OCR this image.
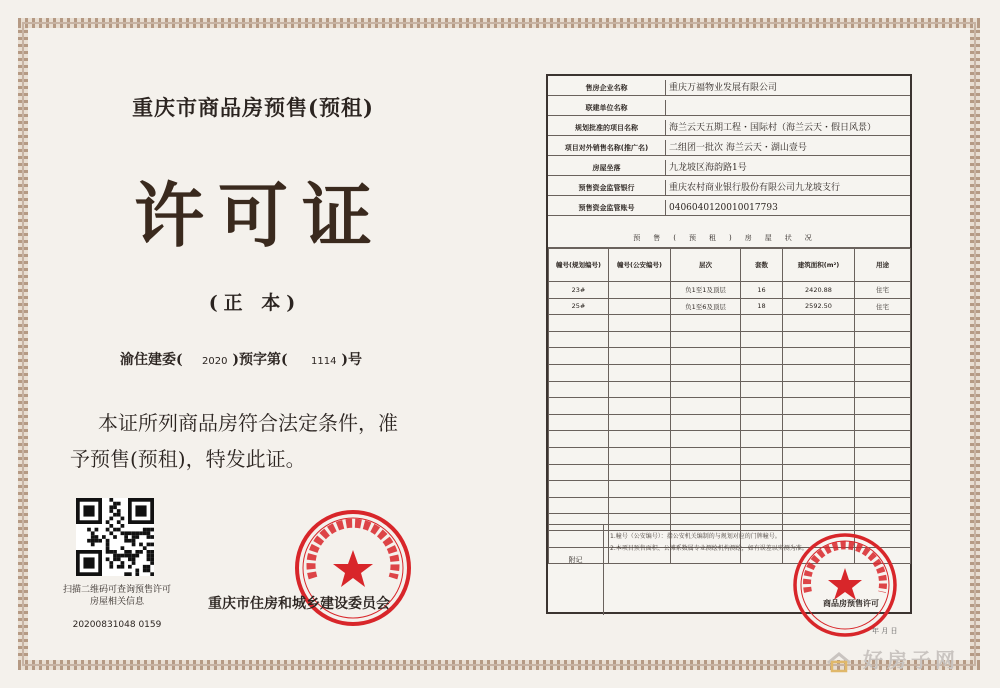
重庆市商品房预售(预租)
许可证
(正 本)
渝住建委( 2020 )预字第( 1114 )号
本证所列商品房符合法定条件，准
予预售(预租)，特发此证。
扫描二维码可查询预售许可房屋相关信息
20200831048 0159
重庆市住房和城乡建设委员会
售房企业名称	重庆万福物业发展有限公司
联建单位名称
规划批准的项目名称	海兰云天五期工程・国际村（海兰云天・假日风景）
项目对外销售名称(推广名)	二组团一批次 海兰云天・湖山壹号
房屋坐落	九龙坡区海韵路1号
预售资金监管银行	重庆农村商业银行股份有限公司九龙坡支行
预售资金监管账号	0406040120010017793
预售(预租)房屋状况
幢号(规划编号)	幢号(公安编号)	层次	套数	建筑面积(m²)	用途
23#		负1至1及顶层	16	2420.88	住宅
25#		负1至6及顶层	18	2592.50	住宅

附记
1.幢号（公安编号）：指公安机关编制的与规划对应的门牌幢号。
2.本项目预售面积、公摊系数属专业测绘机构测绘，如有误差以实测为准。
商品房预售许可
年 月 日
好房子网
